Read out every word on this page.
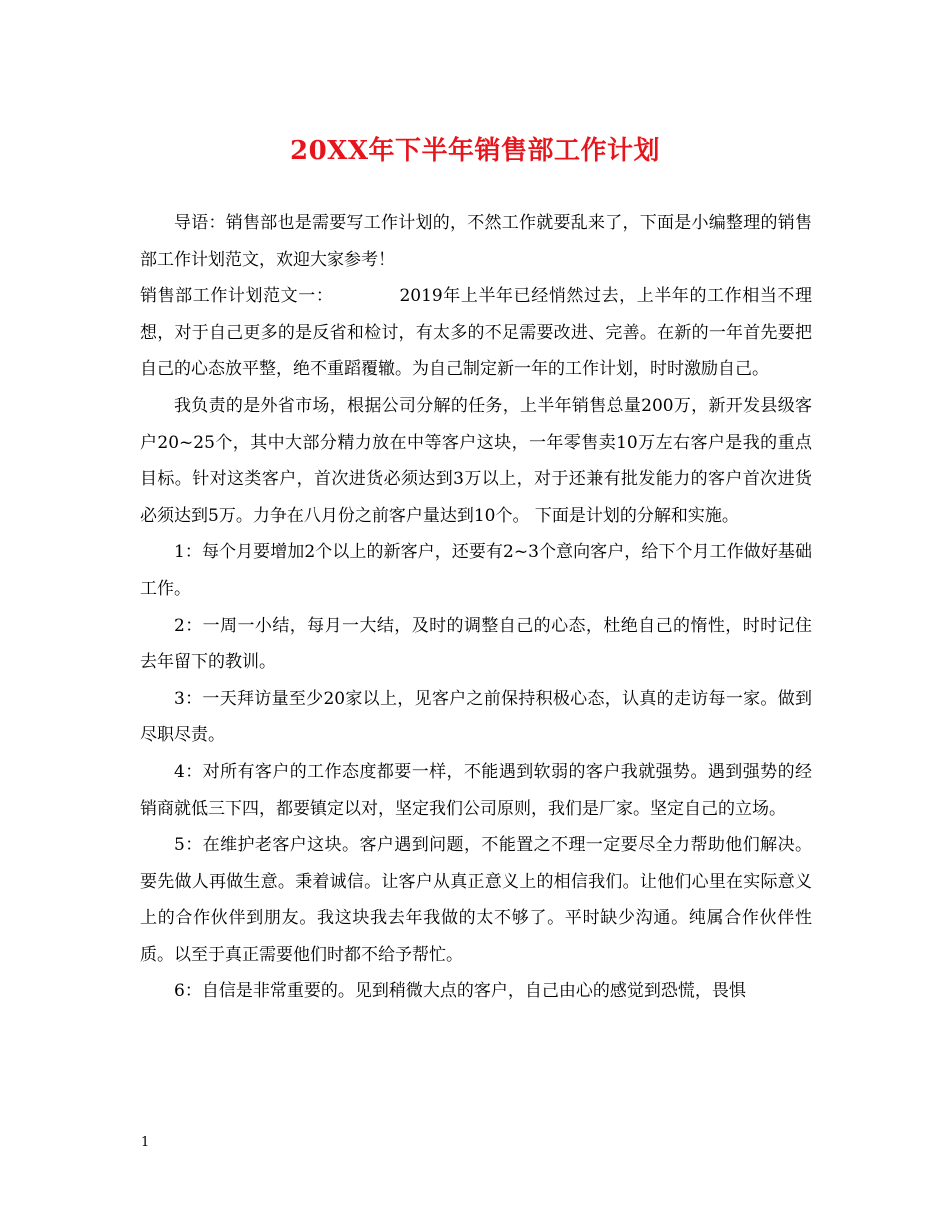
20XX年下半年销售部工作计划

导语：销售部也是需要写工作计划的，不然工作就要乱来了，下面是小编整理的销售部工作计划范文，欢迎大家参考！

销售部工作计划范文一：	2019年上半年已经悄然过去，上半年的工作相当不理想，对于自己更多的是反省和检讨，有太多的不足需要改进、完善。在新的一年首先要把自己的心态放平整，绝不重蹈覆辙。为自己制定新一年的工作计划，时时激励自己。

我负责的是外省市场，根据公司分解的任务，上半年销售总量200万，新开发县级客户20~25个，其中大部分精力放在中等客户这块，一年零售卖10万左右客户是我的重点目标。针对这类客户，首次进货必须达到3万以上，对于还兼有批发能力的客户首次进货必须达到5万。力争在八月份之前客户量达到10个。 下面是计划的分解和实施。

1：每个月要增加2个以上的新客户，还要有2~3个意向客户，给下个月工作做好基础工作。

2：一周一小结，每月一大结，及时的调整自己的心态，杜绝自己的惰性，时时记住去年留下的教训。

3：一天拜访量至少20家以上，见客户之前保持积极心态，认真的走访每一家。做到尽职尽责。

4：对所有客户的工作态度都要一样，不能遇到软弱的客户我就强势。遇到强势的经销商就低三下四，都要镇定以对，坚定我们公司原则，我们是厂家。坚定自己的立场。

5：在维护老客户这块。客户遇到问题，不能置之不理一定要尽全力帮助他们解决。要先做人再做生意。秉着诚信。让客户从真正意义上的相信我们。让他们心里在实际意义上的合作伙伴到朋友。我这块我去年我做的太不够了。平时缺少沟通。纯属合作伙伴性质。以至于真正需要他们时都不给予帮忙。

6：自信是非常重要的。见到稍微大点的客户，自己由心的感觉到恐慌，畏惧

1
